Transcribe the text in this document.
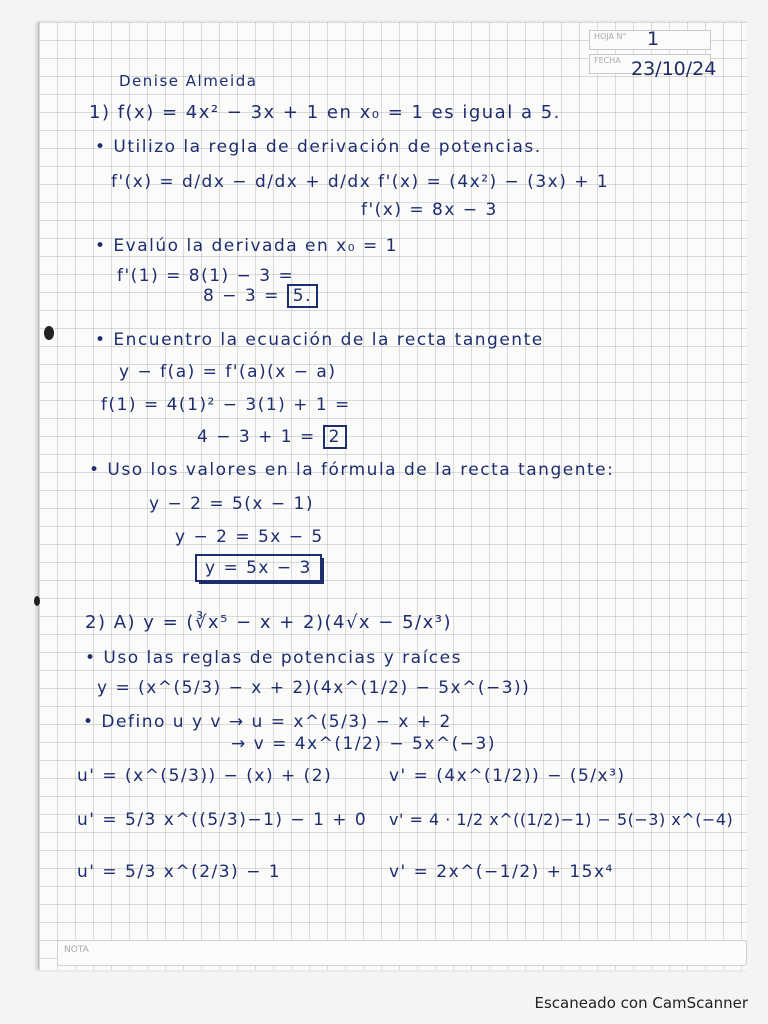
HOJA N°	1
FECHA 23/10/24
Denise Almeida
1) f(x) = 4x² − 3x + 1 en x₀ = 1 es igual a 5.
• Utilizo la regla de derivación de potencias.
f'(x) = d/dx − d/dx + d/dx f'(x) = (4x²) − (3x) + 1
f'(x) = 8x − 3
• Evalúo la derivada en x₀ = 1
f'(1) = 8(1) − 3 =
8 − 3 = 5.
• Encuentro la ecuación de la recta tangente
y − f(a) = f'(a)(x − a)
f(1) = 4(1)² − 3(1) + 1 =
4 − 3 + 1 = 2
• Uso los valores en la fórmula de la recta tangente:
y − 2 = 5(x − 1)
y − 2 = 5x − 5
y = 5x − 3
2) A) y = (∛x⁵ − x + 2)(4√x − 5/x³)
• Uso las reglas de potencias y raíces
y = (x^(5/3) − x + 2)(4x^(1/2) − 5x^(−3))
• Defino u y v → u = x^(5/3) − x + 2
→ v = 4x^(1/2) − 5x^(−3)
u' = (x^(5/3)) − (x) + (2)	v' = (4x^(1/2)) − (5/x³)
u' = 5/3 x^((5/3)−1) − 1 + 0 v' = 4 · 1/2 x^((1/2)−1) − 5(−3) x^(−4)
u' = 5/3 x^(2/3) − 1	v' = 2x^(−1/2) + 15x⁴
NOTA
Escaneado con CamScanner
